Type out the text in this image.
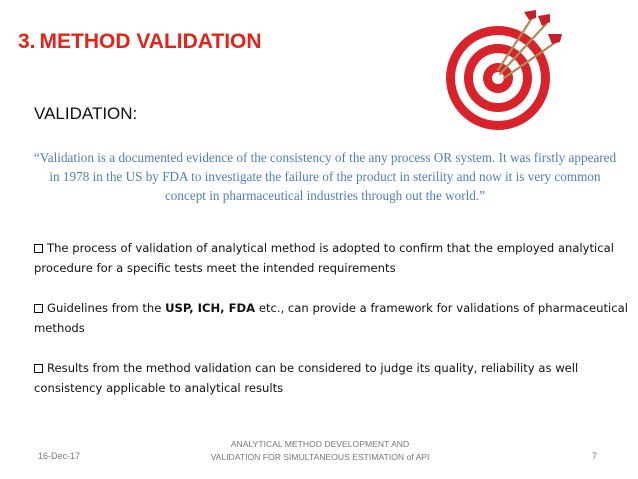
3. METHOD VALIDATION
VALIDATION:
“Validation is a documented evidence of the consistency of the any process OR system. It was firstly appeared in 1978 in the US by FDA to investigate the failure of the product in sterility and now it is very common concept in pharmaceutical industries through out the world.”
The process of validation of analytical method is adopted to confirm that the employed analytical procedure for a specific tests meet the intended requirements
Guidelines from the USP, ICH, FDA etc., can provide a framework for validations of pharmaceutical methods
Results from the method validation can be considered to judge its quality, reliability as well consistency applicable to analytical results
16-Dec-17
ANALYTICAL METHOD DEVELOPMENT AND VALIDATION FOR SIMULTANEOUS ESTIMATION of API	7
